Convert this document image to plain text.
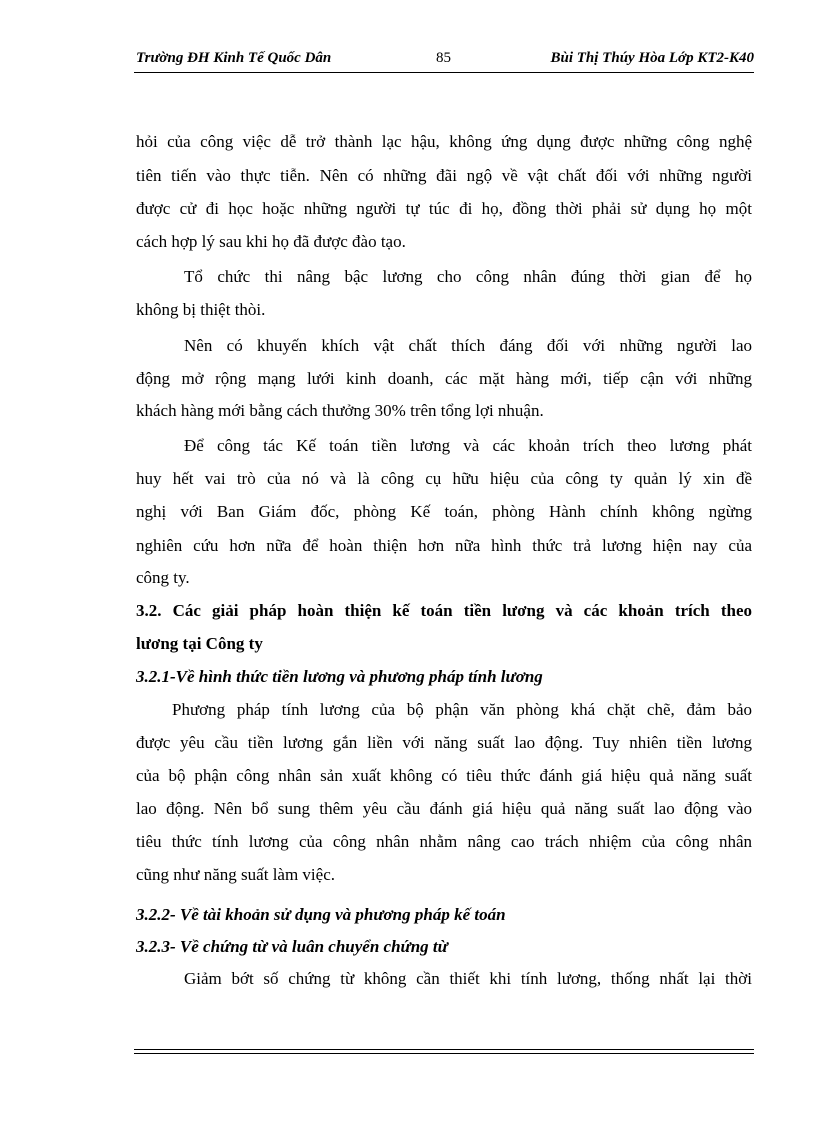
Trường ĐH Kinh Tế Quốc Dân	85	Bùi Thị Thúy Hòa Lớp KT2-K40
hỏi của công việc dễ trở thành lạc hậu, không ứng dụng được những công nghệ
tiên tiến vào thực tiễn. Nên có những đãi ngộ về vật chất đối với những người
được cử đi học hoặc những người tự túc đi họ, đồng thời phải sử dụng họ một
cách hợp lý sau khi họ đã được đào tạo.
Tổ chức thi nâng bậc lương cho công nhân đúng thời gian để họ
không bị thiệt thòi.
Nên có khuyến khích vật chất thích đáng đối với những người lao
động mở rộng mạng lưới kinh doanh, các mặt hàng mới, tiếp cận với những
khách hàng mới bằng cách thưởng 30% trên tổng lợi nhuận.
Để công tác Kế toán tiền lương và các khoản trích theo lương phát
huy hết vai trò của nó và là công cụ hữu hiệu của công ty quản lý xin đề
nghị với Ban Giám đốc, phòng Kế toán, phòng Hành chính không ngừng
nghiên cứu hơn nữa để hoàn thiện hơn nữa hình thức trả lương hiện nay của
công ty.
3.2. Các giải pháp hoàn thiện kế toán tiền lương và các khoản trích theo
lương tại Công ty
3.2.1-Về hình thức tiền lương và phương pháp tính lương
Phương pháp tính lương của bộ phận văn phòng khá chặt chẽ, đảm bảo
được yêu cầu tiền lương gắn liền với năng suất lao động. Tuy nhiên tiền lương
của bộ phận công nhân sản xuất không có tiêu thức đánh giá hiệu quả năng suất
lao động. Nên bổ sung thêm yêu cầu đánh giá hiệu quả năng suất lao động vào
tiêu thức tính lương của công nhân nhằm nâng cao trách nhiệm của công nhân
cũng như năng suất làm việc.
3.2.2- Về tài khoản sử dụng và phương pháp kế toán
3.2.3- Về chứng từ và luân chuyển chứng từ
Giảm bớt số chứng từ không cần thiết khi tính lương, thống nhất lại thời
